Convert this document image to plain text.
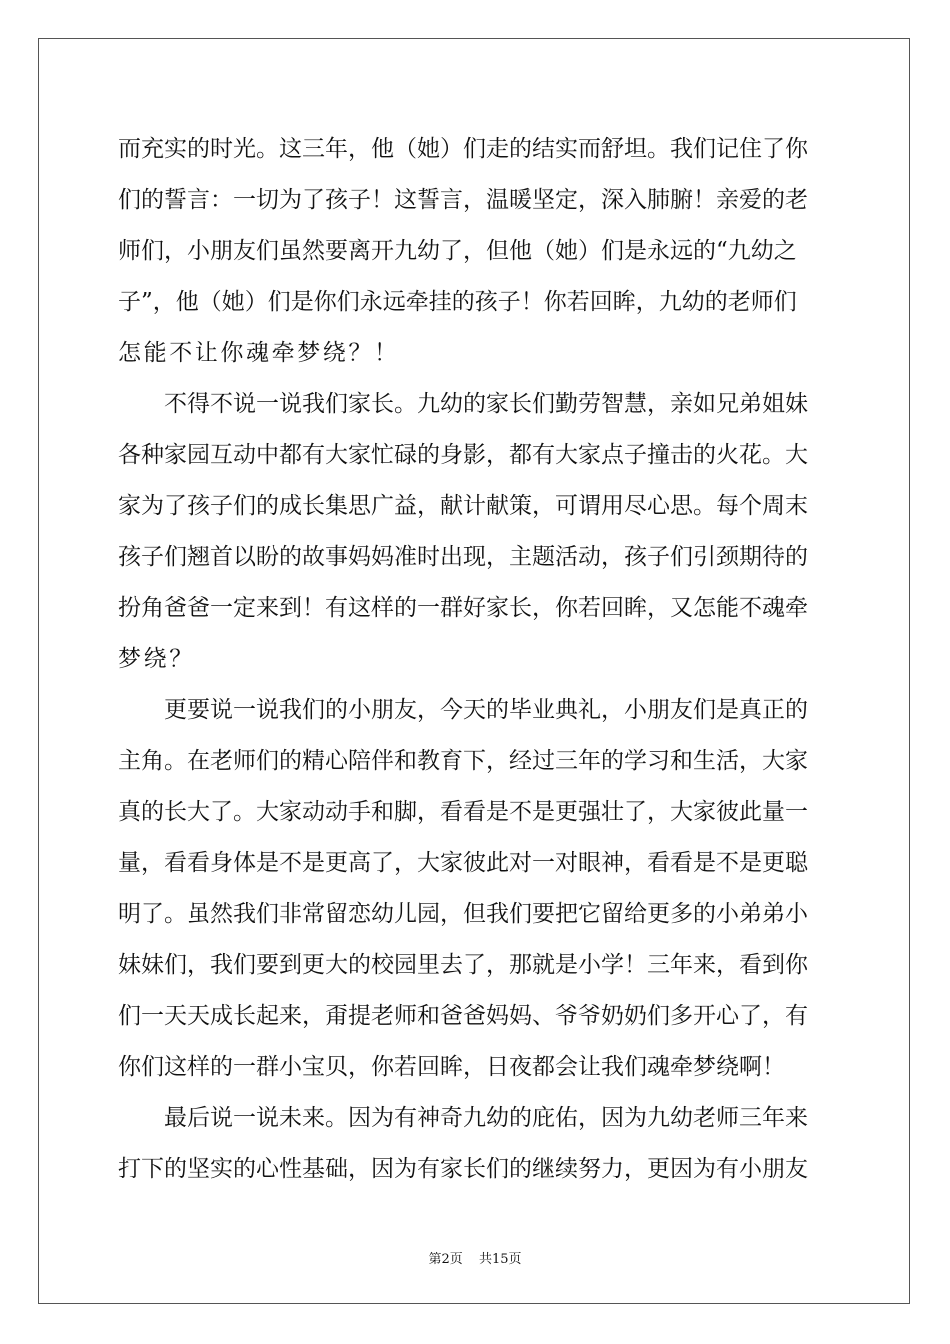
而充实的时光。这三年，他（她）们走的结实而舒坦。我们记住了你
们的誓言：一切为了孩子！这誓言，温暖坚定，深入肺腑！亲爱的老
师们，小朋友们虽然要离开九幼了，但他（她）们是永远的“九幼之
子”，他（她）们是你们永远牵挂的孩子！你若回眸，九幼的老师们
怎能不让你魂牵梦绕？！
不得不说一说我们家长。九幼的家长们勤劳智慧，亲如兄弟姐妹
各种家园互动中都有大家忙碌的身影，都有大家点子撞击的火花。大
家为了孩子们的成长集思广益，献计献策，可谓用尽心思。每个周末
孩子们翘首以盼的故事妈妈准时出现，主题活动，孩子们引颈期待的
扮角爸爸一定来到！有这样的一群好家长，你若回眸，又怎能不魂牵
梦绕？
更要说一说我们的小朋友，今天的毕业典礼，小朋友们是真正的
主角。在老师们的精心陪伴和教育下，经过三年的学习和生活，大家
真的长大了。大家动动手和脚，看看是不是更强壮了，大家彼此量一
量，看看身体是不是更高了，大家彼此对一对眼神，看看是不是更聪
明了。虽然我们非常留恋幼儿园，但我们要把它留给更多的小弟弟小
妹妹们，我们要到更大的校园里去了，那就是小学！三年来，看到你
们一天天成长起来，甭提老师和爸爸妈妈、爷爷奶奶们多开心了，有
你们这样的一群小宝贝，你若回眸，日夜都会让我们魂牵梦绕啊！
最后说一说未来。因为有神奇九幼的庇佑，因为九幼老师三年来
打下的坚实的心性基础，因为有家长们的继续努力，更因为有小朋友
第2页 共15页
